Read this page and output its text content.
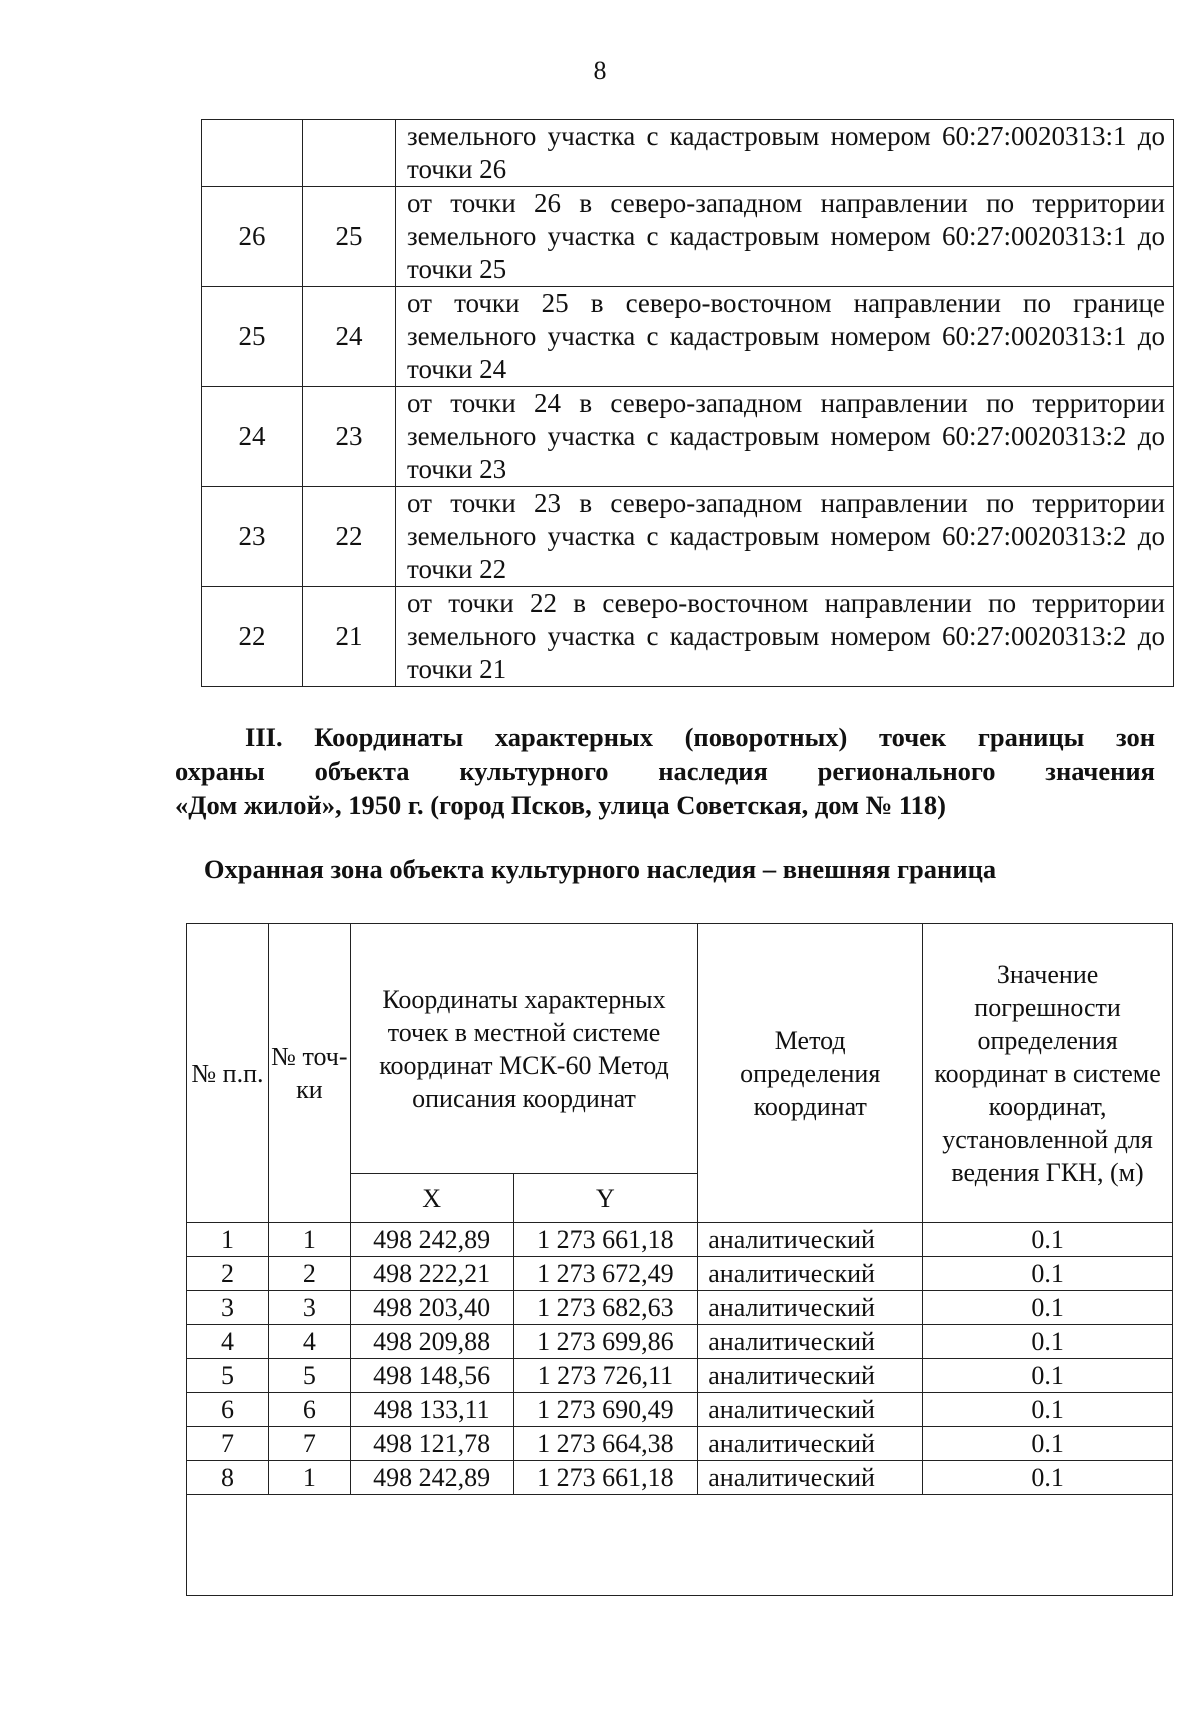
8
		земельного участка с кадастровым номером 60:27:0020313:1 до точки 26
26	25	от точки 26 в северо-западном направлении по территории земельного участка с кадастровым номером 60:27:0020313:1 до точки 25
25	24	от точки 25 в северо-восточном направлении по границе земельного участка с кадастровым номером 60:27:0020313:1 до точки 24
24	23	от точки 24 в северо-западном направлении по территории земельного участка с кадастровым номером 60:27:0020313:2 до точки 23
23	22	от точки 23 в северо-западном направлении по территории земельного участка с кадастровым номером 60:27:0020313:2 до точки 22
22	21	от точки 22 в северо-восточном направлении по территории земельного участка с кадастровым номером 60:27:0020313:2 до точки 21
III. Координаты характерных (поворотных) точек границы зон
охраны объекта культурного наследия регионального значения
«Дом жилой», 1950 г. (город Псков, улица Советская, дом № 118)
Охранная зона объекта культурного наследия – внешняя граница
№ п.п.	№ точ-ки	Координаты характерных точек в местной системе координат МСК-60 Метод описания координат		Метод определения координат	Значение погрешности определения координат в системе координат, установленной для ведения ГКН, (м)
		X	Y		
1	1	498 242,89	1 273 661,18	аналитический	0.1
2	2	498 222,21	1 273 672,49	аналитический	0.1
3	3	498 203,40	1 273 682,63	аналитический	0.1
4	4	498 209,88	1 273 699,86	аналитический	0.1
5	5	498 148,56	1 273 726,11	аналитический	0.1
6	6	498 133,11	1 273 690,49	аналитический	0.1
7	7	498 121,78	1 273 664,38	аналитический	0.1
8	1	498 242,89	1 273 661,18	аналитический	0.1
